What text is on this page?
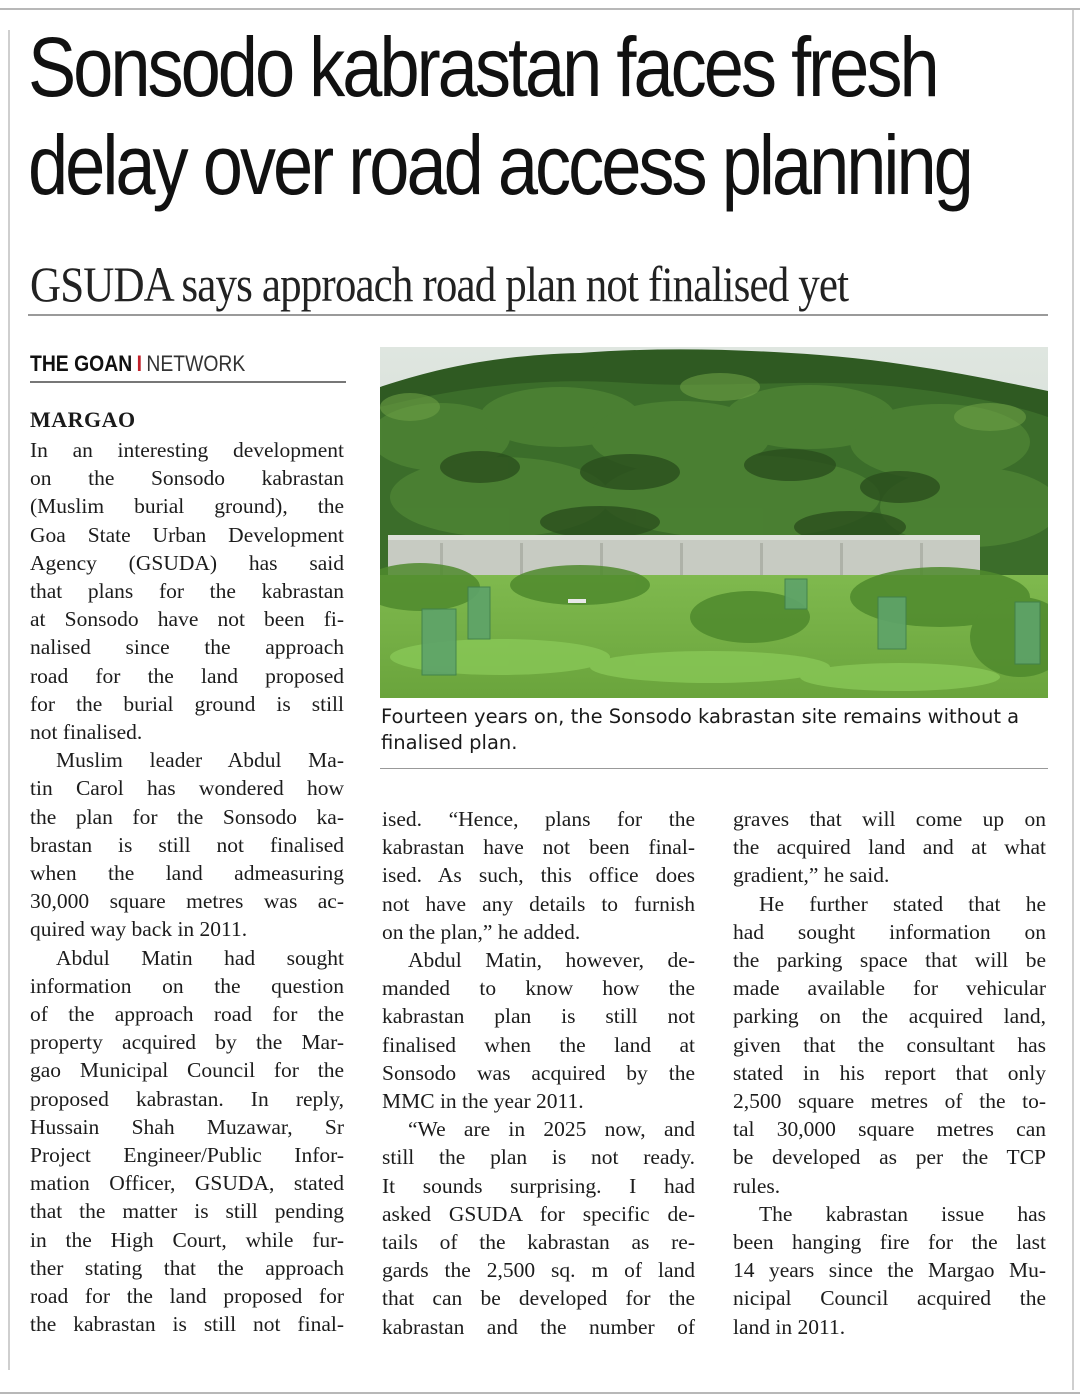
Sonsodo kabrastan faces fresh
delay over road access planning
GSUDA says approach road plan not finalised yet
THE GOAN I NETWORK
MARGAO
In an interesting development
on the Sonsodo kabrastan
(Muslim burial ground), the
Goa State Urban Development
Agency (GSUDA) has said
that plans for the kabrastan
at Sonsodo have not been fi-
nalised since the approach
road for the land proposed
for the burial ground is still
not finalised.
Muslim leader Abdul Ma-
tin Carol has wondered how
the plan for the Sonsodo ka-
brastan is still not finalised
when the land admeasuring
30,000 square metres was ac-
quired way back in 2011.
Abdul Matin had sought
information on the question
of the approach road for the
property acquired by the Mar-
gao Municipal Council for the
proposed kabrastan. In reply,
Hussain Shah Muzawar, Sr
Project Engineer/Public Infor-
mation Officer, GSUDA, stated
that the matter is still pending
in the High Court, while fur-
ther stating that the approach
road for the land proposed for
the kabrastan is still not final-
Fourteen years on, the Sonsodo kabrastan site remains without a finalised plan.
ised. “Hence, plans for the
kabrastan have not been final-
ised. As such, this office does
not have any details to furnish
on the plan,” he added.
Abdul Matin, however, de-
manded to know how the
kabrastan plan is still not
finalised when the land at
Sonsodo was acquired by the
MMC in the year 2011.
“We are in 2025 now, and
still the plan is not ready.
It sounds surprising. I had
asked GSUDA for specific de-
tails of the kabrastan as re-
gards the 2,500 sq. m of land
that can be developed for the
kabrastan and the number of
graves that will come up on
the acquired land and at what
gradient,” he said.
He further stated that he
had sought information on
the parking space that will be
made available for vehicular
parking on the acquired land,
given that the consultant has
stated in his report that only
2,500 square metres of the to-
tal 30,000 square metres can
be developed as per the TCP
rules.
The kabrastan issue has
been hanging fire for the last
14 years since the Margao Mu-
nicipal Council acquired the
land in 2011.
